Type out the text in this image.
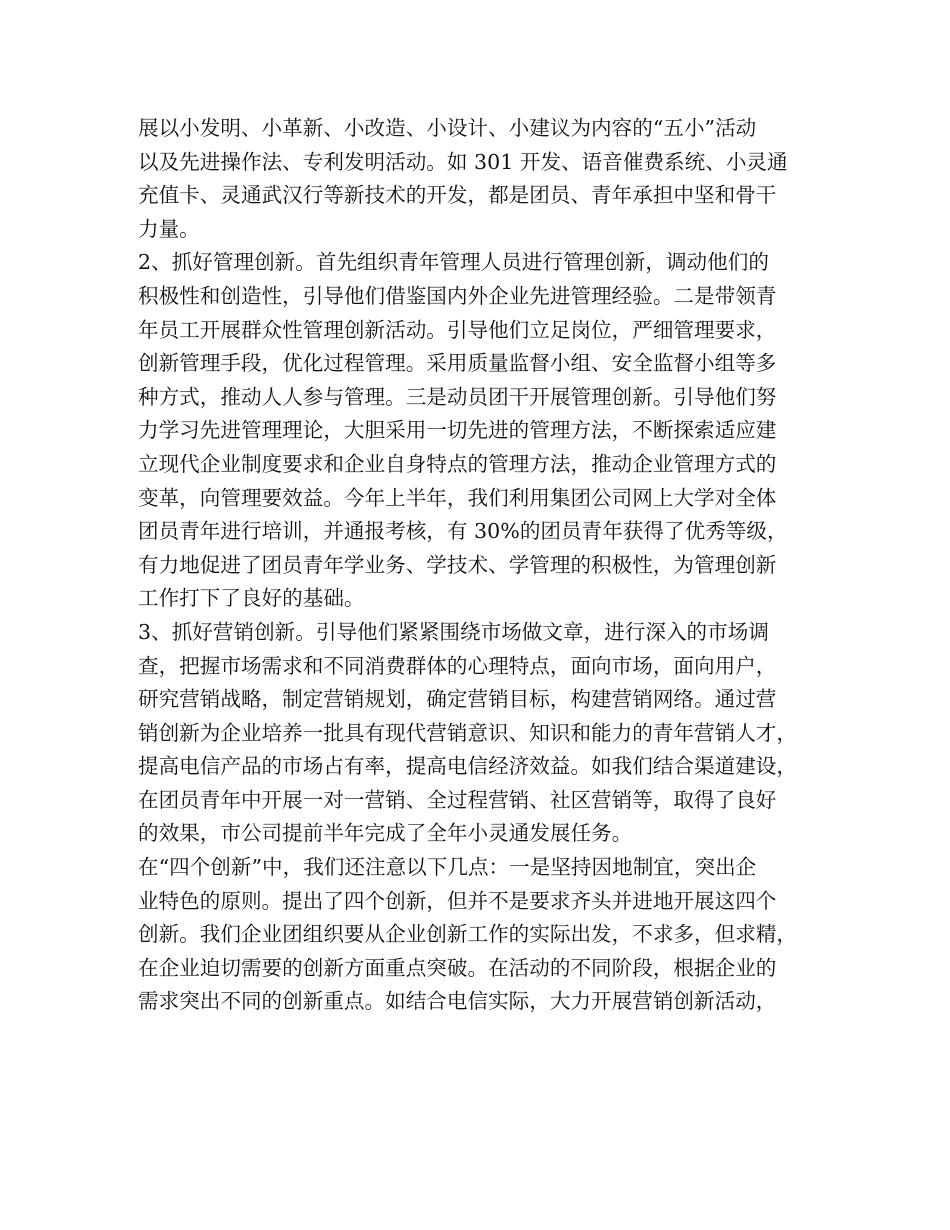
展以小发明、小革新、小改造、小设计、小建议为内容的“五小”活动
以及先进操作法、专利发明活动。如 301 开发、语音催费系统、小灵通
充值卡、灵通武汉行等新技术的开发，都是团员、青年承担中坚和骨干
力量。
2、抓好管理创新。首先组织青年管理人员进行管理创新，调动他们的
积极性和创造性，引导他们借鉴国内外企业先进管理经验。二是带领青
年员工开展群众性管理创新活动。引导他们立足岗位，严细管理要求，
创新管理手段，优化过程管理。采用质量监督小组、安全监督小组等多
种方式，推动人人参与管理。三是动员团干开展管理创新。引导他们努
力学习先进管理理论，大胆采用一切先进的管理方法，不断探索适应建
立现代企业制度要求和企业自身特点的管理方法，推动企业管理方式的
变革，向管理要效益。今年上半年，我们利用集团公司网上大学对全体
团员青年进行培训，并通报考核，有 30%的团员青年获得了优秀等级，
有力地促进了团员青年学业务、学技术、学管理的积极性，为管理创新
工作打下了良好的基础。
3、抓好营销创新。引导他们紧紧围绕市场做文章，进行深入的市场调
查，把握市场需求和不同消费群体的心理特点，面向市场，面向用户，
研究营销战略，制定营销规划，确定营销目标，构建营销网络。通过营
销创新为企业培养一批具有现代营销意识、知识和能力的青年营销人才，
提高电信产品的市场占有率，提高电信经济效益。如我们结合渠道建设，
在团员青年中开展一对一营销、全过程营销、社区营销等，取得了良好
的效果，市公司提前半年完成了全年小灵通发展任务。
在“四个创新”中，我们还注意以下几点：一是坚持因地制宜，突出企
业特色的原则。提出了四个创新，但并不是要求齐头并进地开展这四个
创新。我们企业团组织要从企业创新工作的实际出发，不求多，但求精，
在企业迫切需要的创新方面重点突破。在活动的不同阶段，根据企业的
需求突出不同的创新重点。如结合电信实际，大力开展营销创新活动，
